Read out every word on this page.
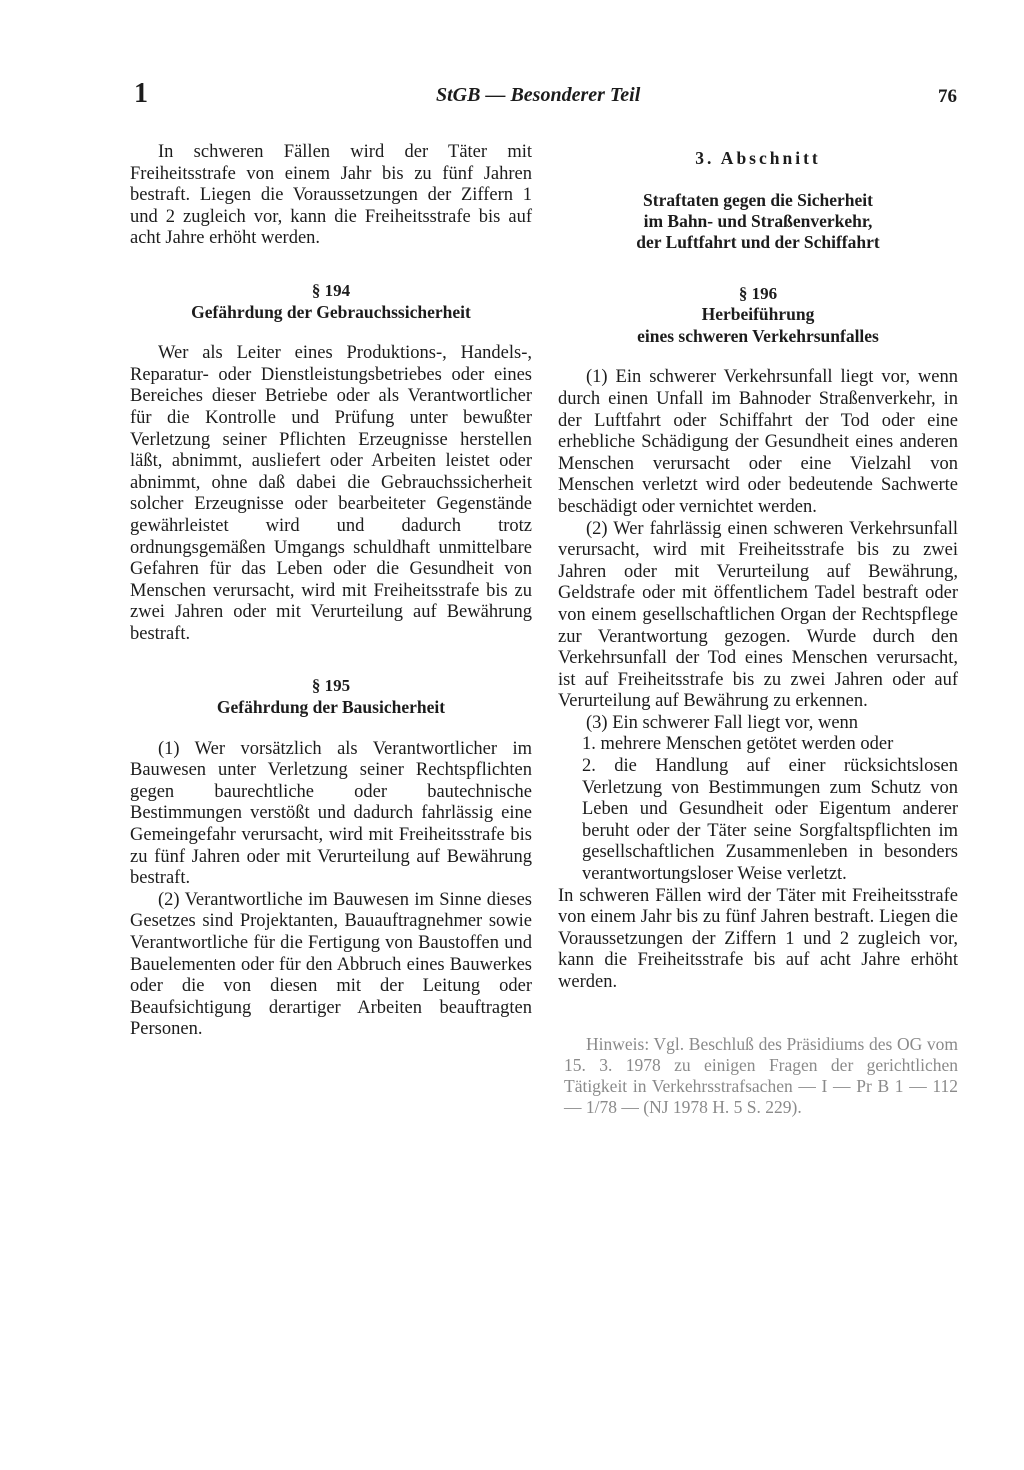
1	StGB — Besonderer Teil	76

In schweren Fällen wird der Täter mit Freiheitsstrafe von einem Jahr bis zu fünf Jahren bestraft. Liegen die Voraussetzungen der Ziffern 1 und 2 zugleich vor, kann die Freiheitsstrafe bis auf acht Jahre erhöht werden.

§ 194
Gefährdung der Gebrauchssicherheit

Wer als Leiter eines Produktions-, Handels-, Reparatur- oder Dienstleistungsbetriebes oder eines Bereiches dieser Betriebe oder als Verantwortlicher für die Kontrolle und Prüfung unter bewußter Verletzung seiner Pflichten Erzeugnisse herstellen läßt, abnimmt, ausliefert oder Arbeiten leistet oder abnimmt, ohne daß dabei die Gebrauchssicherheit solcher Erzeugnisse oder bearbeiteter Gegenstände gewährleistet wird und dadurch trotz ordnungsgemäßen Umgangs schuldhaft unmittelbare Gefahren für das Leben oder die Gesundheit von Menschen verursacht, wird mit Freiheitsstrafe bis zu zwei Jahren oder mit Verurteilung auf Bewährung bestraft.

§ 195
Gefährdung der Bausicherheit

(1) Wer vorsätzlich als Verantwortlicher im Bauwesen unter Verletzung seiner Rechtspflichten gegen baurechtliche oder bautechnische Bestimmungen verstößt und dadurch fahrlässig eine Gemeingefahr verursacht, wird mit Freiheitsstrafe bis zu fünf Jahren oder mit Verurteilung auf Bewährung bestraft.

(2) Verantwortliche im Bauwesen im Sinne dieses Gesetzes sind Projektanten, Bauauftragnehmer sowie Verantwortliche für die Fertigung von Baustoffen und Bauelementen oder für den Abbruch eines Bauwerkes oder die von diesen mit der Leitung oder Beaufsichtigung derartiger Arbeiten beauftragten Personen.

3. Abschnitt
Straftaten gegen die Sicherheit
im Bahn- und Straßenverkehr,
der Luftfahrt und der Schiffahrt
§ 196
Herbeiführung
eines schweren Verkehrsunfalles

(1) Ein schwerer Verkehrsunfall liegt vor, wenn durch einen Unfall im Bahnoder Straßenverkehr, in der Luftfahrt oder Schiffahrt der Tod oder eine erhebliche Schädigung der Gesundheit eines anderen Menschen verursacht oder eine Vielzahl von Menschen verletzt wird oder bedeutende Sachwerte beschädigt oder vernichtet werden.

(2) Wer fahrlässig einen schweren Verkehrsunfall verursacht, wird mit Freiheitsstrafe bis zu zwei Jahren oder mit Verurteilung auf Bewährung, Geldstrafe oder mit öffentlichem Tadel bestraft oder von einem gesellschaftlichen Organ der Rechtspflege zur Verantwortung gezogen. Wurde durch den Verkehrsunfall der Tod eines Menschen verursacht, ist auf Freiheitsstrafe bis zu zwei Jahren oder auf Verurteilung auf Bewährung zu erkennen.

(3) Ein schwerer Fall liegt vor, wenn

1. mehrere Menschen getötet werden oder

2. die Handlung auf einer rücksichtslosen Verletzung von Bestimmungen zum Schutz von Leben und Gesundheit oder Eigentum anderer beruht oder der Täter seine Sorgfaltspflichten im gesellschaftlichen Zusammenleben in besonders verantwortungsloser Weise verletzt.

In schweren Fällen wird der Täter mit Freiheitsstrafe von einem Jahr bis zu fünf Jahren bestraft. Liegen die Voraussetzungen der Ziffern 1 und 2 zugleich vor, kann die Freiheitsstrafe bis auf acht Jahre erhöht werden.

Hinweis: Vgl. Beschluß des Präsidiums des OG vom 15. 3. 1978 zu einigen Fragen der gerichtlichen Tätigkeit in Verkehrsstrafsachen — I — Pr B 1 — 112 — 1/78 — (NJ 1978 H. 5 S. 229).
